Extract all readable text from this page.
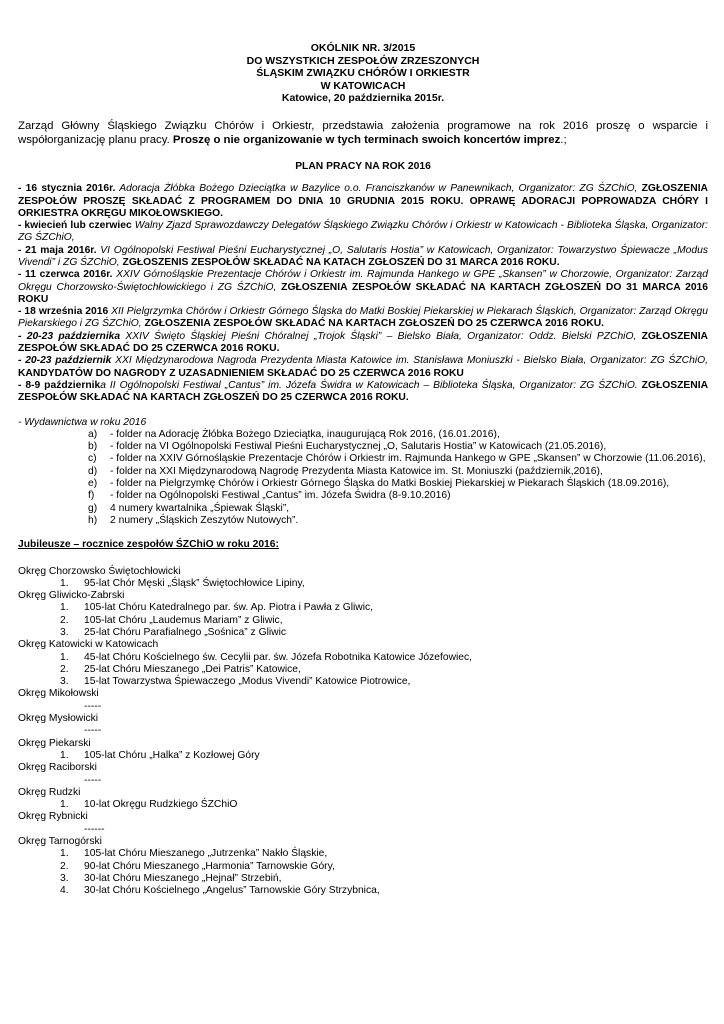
OKÓLNIK NR. 3/2015
DO WSZYSTKICH ZESPOŁÓW ZRZESZONYCH
ŚLĄSKIM ZWIĄZKU CHÓRÓW I ORKIESTR
W KATOWICACH
Katowice, 20 października 2015r.
Zarząd Główny Śląskiego Związku Chórów i Orkiestr, przedstawia założenia programowe na rok 2016 proszę o wsparcie i współorganizację planu pracy. Proszę o nie organizowanie w tych terminach swoich koncertów imprez.;
PLAN PRACY NA ROK 2016

- 16 stycznia 2016r. Adoracja Żłóbka Bożego Dzieciątka w Bazylice o.o. Franciszkanów w Panewnikach, Organizator: ZG ŚZChiO, ZGŁOSZENIA ZESPOŁÓW PROSZĘ SKŁADAĆ Z PROGRAMEM DO DNIA 10 GRUDNIA 2015 ROKU. OPRAWĘ ADORACJI POPROWADZA CHÓRY I ORKIESTRA OKRĘGU MIKOŁOWSKIEGO.

- kwiecień lub czerwiec Walny Zjazd Sprawozdawczy Delegatów Śląskiego Związku Chórów i Orkiestr w Katowicach - Biblioteka Śląska, Organizator: ZG ŚZChiO,

- 21 maja 2016r. VI Ogólnopolski Festiwal Pieśni Eucharystycznej „O, Salutaris Hostia” w Katowicach, Organizator: Towarzystwo Śpiewacze „Modus Vivendi” i ZG ŚZChiO, ZGŁOSZENIS ZESPOŁÓW SKŁADAĆ NA KATACH ZGŁOSZEŃ DO 31 MARCA 2016 ROKU.

- 11 czerwca 2016r. XXIV Górnośląskie Prezentacje Chórów i Orkiestr im. Rajmunda Hankego w GPE „Skansen” w Chorzowie, Organizator: Zarząd Okręgu Chorzowsko-Świętochłowickiego i ZG ŚZChiO, ZGŁOSZENIA ZESPOŁÓW SKŁADAĆ NA KARTACH ZGŁOSZEŃ DO 31 MARCA 2016 ROKU

- 18 września 2016 XII Pielgrzymka Chórów i Orkiestr Górnego Śląska do Matki Boskiej Piekarskiej w Piekarach Śląskich, Organizator: Zarząd Okręgu Piekarskiego i ZG ŚZChiO, ZGŁOSZENIA ZESPOŁÓW SKŁADAĆ NA KARTACH ZGŁOSZEŃ DO 25 CZERWCA 2016 ROKU.

- 20-23 października XXIV Święto Śląskiej Pieśni Chóralnej „Trojok Śląski” – Bielsko Biała, Organizator: Oddz. Bielski PZChiO, ZGŁOSZENIA ZESPOŁÓW SKŁADAĆ DO 25 CZERWCA 2016 ROKU.

- 20-23 październik XXI Międzynarodowa Nagroda Prezydenta Miasta Katowice im. Stanisława Moniuszki - Bielsko Biała, Organizator: ZG ŚZChiO, KANDYDATÓW DO NAGRODY Z UZASADNIENIEM SKŁADAĆ DO 25 CZERWCA 2016 ROKU

- 8-9 października II Ogólnopolski Festiwal „Cantus” im. Józefa Świdra w Katowicach – Biblioteka Śląska, Organizator: ZG ŚZChiO. ZGŁOSZENIA ZESPOŁÓW SKŁADAĆ NA KARTACH ZGŁOSZEŃ DO 25 CZERWCA 2016 ROKU.

- Wydawnictwa w roku 2016
a)	- folder na Adorację Żłóbka Bożego Dzieciątka, inaugurującą Rok 2016, (16.01.2016),
b)	- folder na VI Ogólnopolski Festiwal Pieśni Eucharystycznej „O, Salutaris Hostia” w Katowicach (21.05.2016),
c)	- folder na XXIV Górnośląskie Prezentacje Chórów i Orkiestr im. Rajmunda Hankego w GPE „Skansen” w Chorzowie (11.06.2016),
d)	- folder na XXI Międzynarodową Nagrodę Prezydenta Miasta Katowice im. St. Moniuszki (październik,2016),
e)	- folder na Pielgrzymkę Chórów i Orkiestr Górnego Śląska do Matki Boskiej Piekarskiej w Piekarach Śląskich (18.09.2016),
f)	- folder na Ogólnopolski Festiwal „Cantus” im. Józefa Świdra (8-9.10.2016)
g)	4 numery kwartalnika „Śpiewak Śląski”,
h)	2 numery „Śląskich Zeszytów Nutowych”.
Jubileusze – rocznice zespołów ŚZChiO w roku 2016:
Okręg Chorzowsko Świętochłowicki
1.	95-lat Chór Męski „Śląsk” Świętochłowice Lipiny,
Okręg Gliwicko-Zabrski
1.	105-lat Chóru Katedralnego par. św. Ap. Piotra i Pawła z Gliwic,
2.	105-lat Chóru „Laudemus Mariam” z Gliwic,
3.	25-lat Chóru Parafialnego „Sośnica” z Gliwic
Okręg Katowicki w Katowicach
1.	45-lat Chóru Kościelnego św. Cecylii par. św. Józefa Robotnika Katowice Józefowiec,
2.	25-lat Chóru Mieszanego „Dei Patris” Katowice,
3.	15-lat Towarzystwa Śpiewaczego „Modus Vivendi” Katowice Piotrowice,
Okręg Mikołowski
-----
Okręg Mysłowicki
-----
Okręg Piekarski
1.	105-lat Chóru „Halka” z Kozłowej Góry
Okręg Raciborski
-----
Okręg Rudzki
1.	10-lat Okręgu Rudzkiego ŚZChiO
Okręg Rybnicki
------
Okręg Tarnogórski
1.	105-lat Chóru Mieszanego „Jutrzenka” Nakło Śląskie,
2.	90-lat Chóru Mieszanego „Harmonia” Tarnowskie Góry,
3.	30-lat Chóru Mieszanego „Hejnał” Strzebiń,
4.	30-lat Chóru Kościelnego „Angelus” Tarnowskie Góry Strzybnica,
